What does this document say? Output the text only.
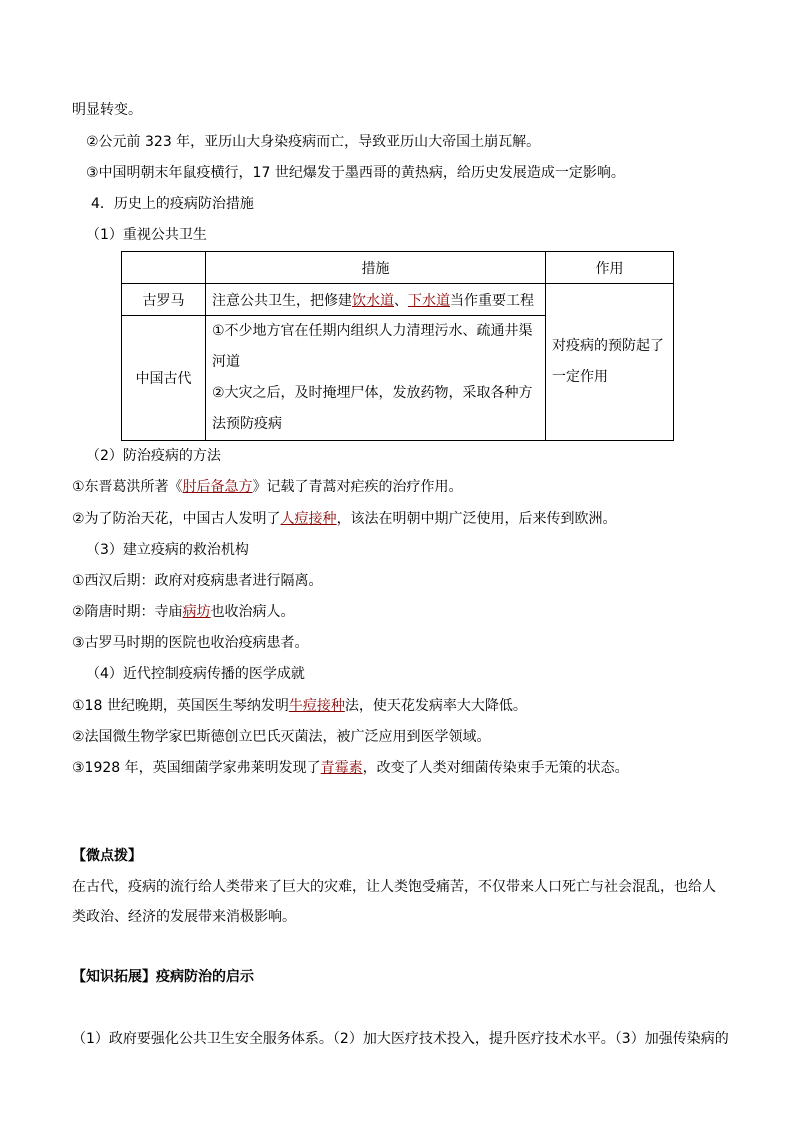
明显转变。
②公元前 323 年，亚历山大身染疫病而亡，导致亚历山大帝国土崩瓦解。
③中国明朝末年鼠疫横行，17 世纪爆发于墨西哥的黄热病，给历史发展造成一定影响。
4．历史上的疫病防治措施
（1）重视公共卫生
	措施	作用
古罗马	注意公共卫生，把修建饮水道、下水道当作重要工程	对疫病的预防起了
一定作用
中国古代	①不少地方官在任期内组织人力清理污水、疏通井渠
河道
②大灾之后，及时掩埋尸体，发放药物，采取各种方
法预防疫病	
（2）防治疫病的方法
①东晋葛洪所著《肘后备急方》记载了青蒿对疟疾的治疗作用。
②为了防治天花，中国古人发明了人痘接种，该法在明朝中期广泛使用，后来传到欧洲。
（3）建立疫病的救治机构
①西汉后期：政府对疫病患者进行隔离。
②隋唐时期：寺庙病坊也收治病人。
③古罗马时期的医院也收治疫病患者。
（4）近代控制疫病传播的医学成就
①18 世纪晚期，英国医生琴纳发明牛痘接种法，使天花发病率大大降低。
②法国微生物学家巴斯德创立巴氏灭菌法，被广泛应用到医学领域。
③1928 年，英国细菌学家弗莱明发现了青霉素，改变了人类对细菌传染束手无策的状态。
【微点拨】
在古代，疫病的流行给人类带来了巨大的灾难，让人类饱受痛苦，不仅带来人口死亡与社会混乱，也给人
类政治、经济的发展带来消极影响。
【知识拓展】疫病防治的启示
（1）政府要强化公共卫生安全服务体系。（2）加大医疗技术投入，提升医疗技术水平。（3）加强传染病的
